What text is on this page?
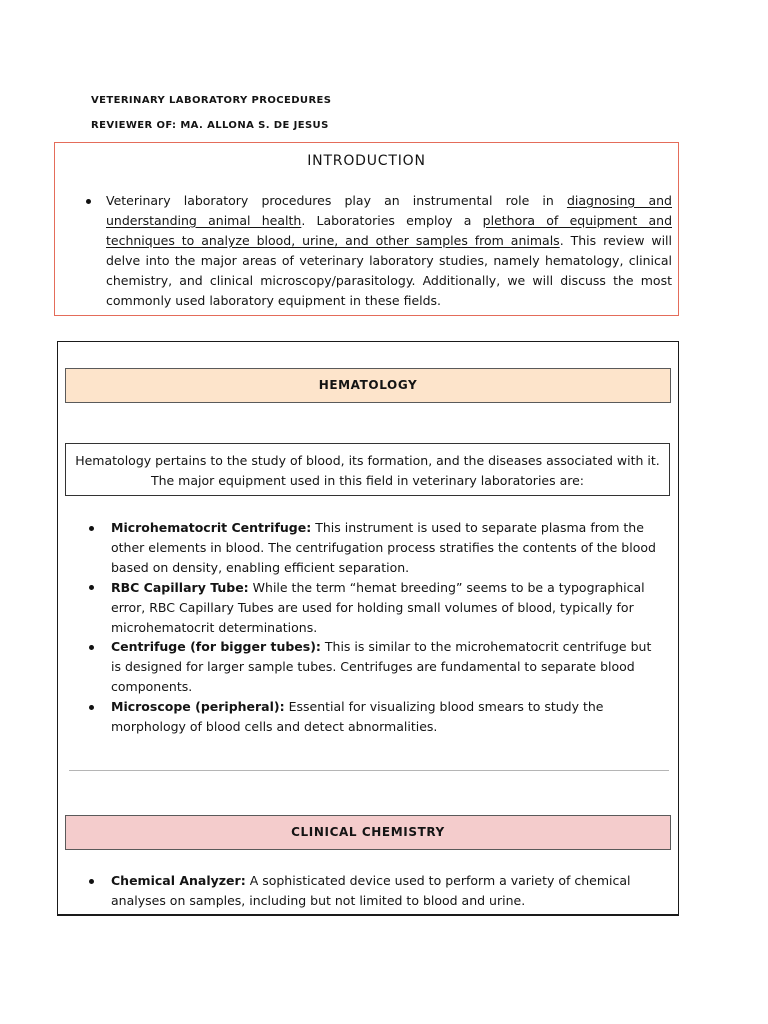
VETERINARY LABORATORY PROCEDURES
REVIEWER OF: MA. ALLONA S. DE JESUS
INTRODUCTION
Veterinary laboratory procedures play an instrumental role in diagnosing and understanding animal health. Laboratories employ a plethora of equipment and techniques to analyze blood, urine, and other samples from animals. This review will delve into the major areas of veterinary laboratory studies, namely hematology, clinical chemistry, and clinical microscopy/parasitology. Additionally, we will discuss the most commonly used laboratory equipment in these fields.
HEMATOLOGY
Hematology pertains to the study of blood, its formation, and the diseases associated with it. The major equipment used in this field in veterinary laboratories are:
Microhematocrit Centrifuge: This instrument is used to separate plasma from the other elements in blood. The centrifugation process stratifies the contents of the blood based on density, enabling efficient separation.
RBC Capillary Tube: While the term “hemat breeding” seems to be a typographical error, RBC Capillary Tubes are used for holding small volumes of blood, typically for microhematocrit determinations.
Centrifuge (for bigger tubes): This is similar to the microhematocrit centrifuge but is designed for larger sample tubes. Centrifuges are fundamental to separate blood components.
Microscope (peripheral): Essential for visualizing blood smears to study the morphology of blood cells and detect abnormalities.
CLINICAL CHEMISTRY
Chemical Analyzer: A sophisticated device used to perform a variety of chemical analyses on samples, including but not limited to blood and urine.
